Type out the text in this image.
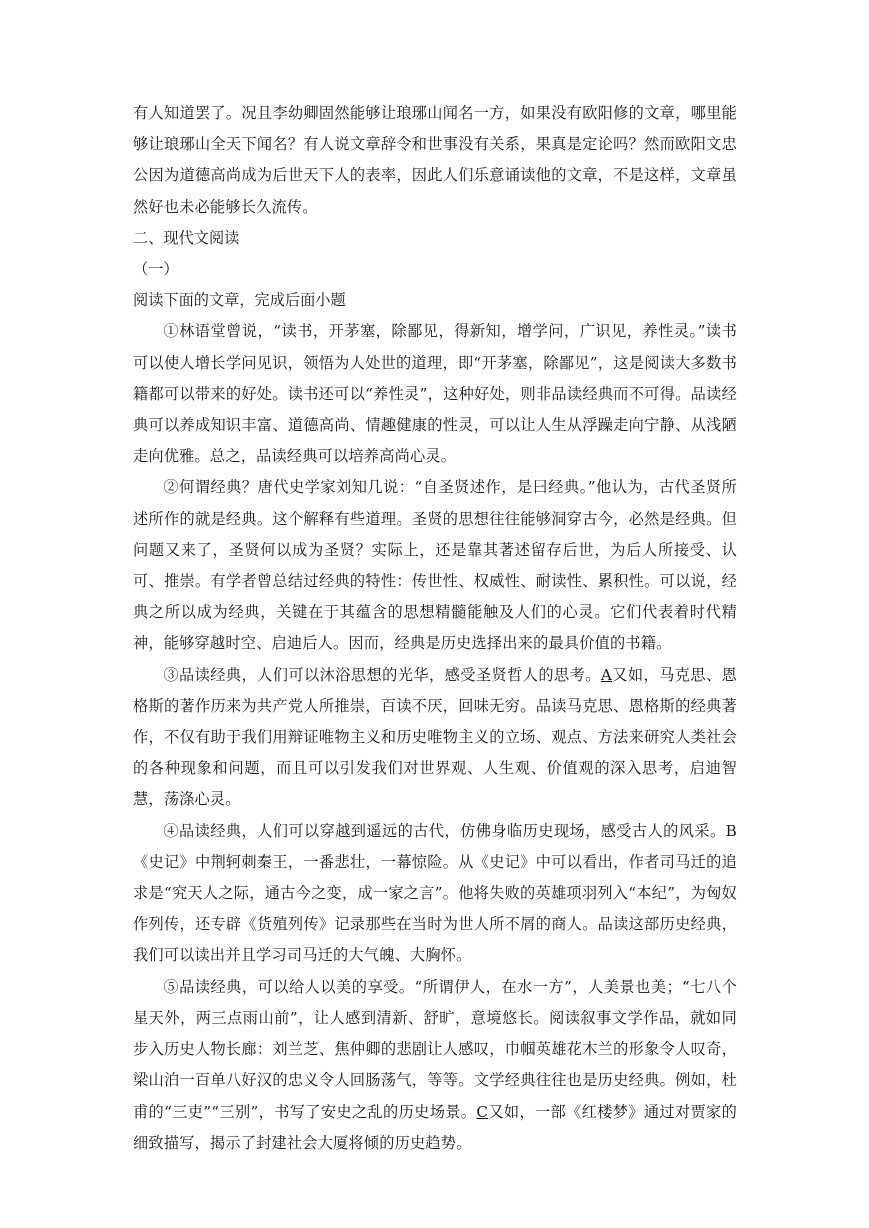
有人知道罢了。况且李幼卿固然能够让琅琊山闻名一方，如果没有欧阳修的文章，哪里能够让琅琊山全天下闻名？有人说文章辞令和世事没有关系，果真是定论吗？然而欧阳文忠公因为道德高尚成为后世天下人的表率，因此人们乐意诵读他的文章，不是这样，文章虽然好也未必能够长久流传。

二、现代文阅读

（一）

阅读下面的文章，完成后面小题

①林语堂曾说，“读书，开茅塞，除鄙见，得新知，增学问，广识见，养性灵。”读书可以使人增长学问见识，领悟为人处世的道理，即“开茅塞，除鄙见”，这是阅读大多数书籍都可以带来的好处。读书还可以“养性灵”，这种好处，则非品读经典而不可得。品读经典可以养成知识丰富、道德高尚、情趣健康的性灵，可以让人生从浮躁走向宁静、从浅陋走向优雅。总之，品读经典可以培养高尚心灵。

②何谓经典？唐代史学家刘知几说：“自圣贤述作，是曰经典。”他认为，古代圣贤所述所作的就是经典。这个解释有些道理。圣贤的思想往往能够洞穿古今，必然是经典。但问题又来了，圣贤何以成为圣贤？实际上，还是靠其著述留存后世，为后人所接受、认可、推崇。有学者曾总结过经典的特性：传世性、权威性、耐读性、累积性。可以说，经典之所以成为经典，关键在于其蕴含的思想精髓能触及人们的心灵。它们代表着时代精神，能够穿越时空、启迪后人。因而，经典是历史选择出来的最具价值的书籍。

③品读经典，人们可以沐浴思想的光华，感受圣贤哲人的思考。A又如，马克思、恩格斯的著作历来为共产党人所推崇，百读不厌，回味无穷。品读马克思、恩格斯的经典著作，不仅有助于我们用辩证唯物主义和历史唯物主义的立场、观点、方法来研究人类社会的各种现象和问题，而且可以引发我们对世界观、人生观、价值观的深入思考，启迪智慧，荡涤心灵。

④品读经典，人们可以穿越到遥远的古代，仿佛身临历史现场，感受古人的风采。B《史记》中荆轲刺秦王，一番悲壮，一幕惊险。从《史记》中可以看出，作者司马迁的追求是“究天人之际，通古今之变，成一家之言”。他将失败的英雄项羽列入“本纪”，为匈奴作列传，还专辟《货殖列传》记录那些在当时为世人所不屑的商人。品读这部历史经典，我们可以读出并且学习司马迁的大气魄、大胸怀。

⑤品读经典，可以给人以美的享受。“所谓伊人，在水一方”，人美景也美；“七八个星天外，两三点雨山前”，让人感到清新、舒旷，意境悠长。阅读叙事文学作品，就如同步入历史人物长廊：刘兰芝、焦仲卿的悲剧让人感叹，巾帼英雄花木兰的形象令人叹奇，梁山泊一百单八好汉的忠义令人回肠荡气，等等。文学经典往往也是历史经典。例如，杜甫的“三吏”“三别”，书写了安史之乱的历史场景。C又如，一部《红楼梦》通过对贾家的细致描写，揭示了封建社会大厦将倾的历史趋势。
